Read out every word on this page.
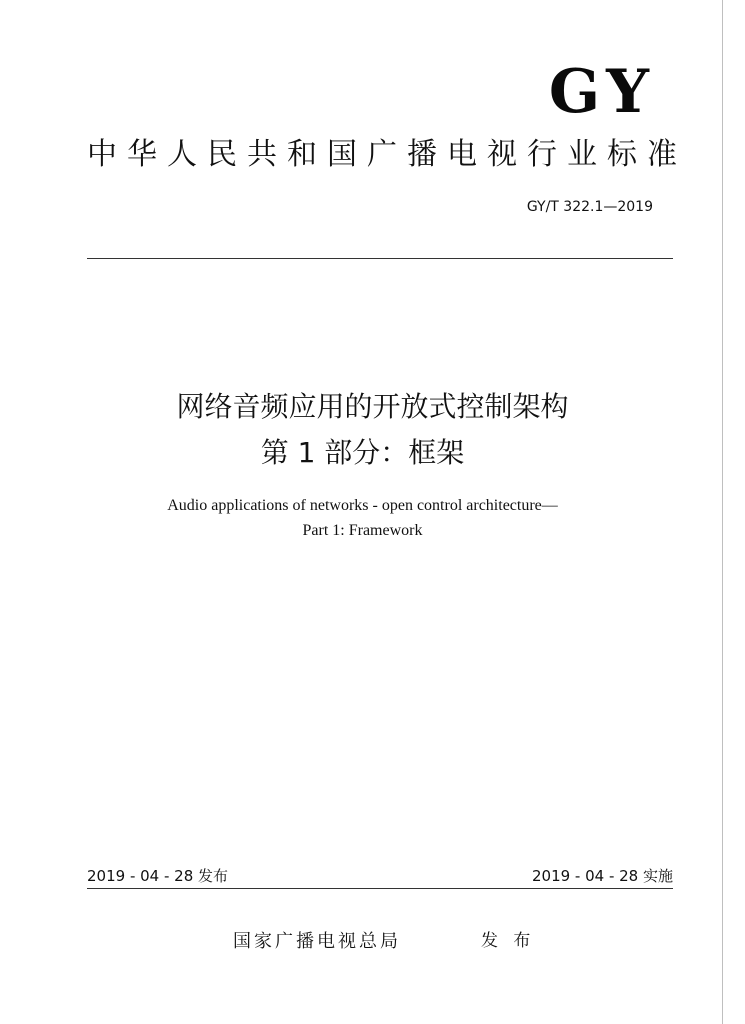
GY
中华人民共和国广播电视行业标准
GY/T 322.1—2019
网络音频应用的开放式控制架构
第 1 部分：框架
Audio applications of networks - open control architecture—
Part 1: Framework
2019 - 04 - 28 发布	2019 - 04 - 28 实施
国家广播电视总局	发 布
